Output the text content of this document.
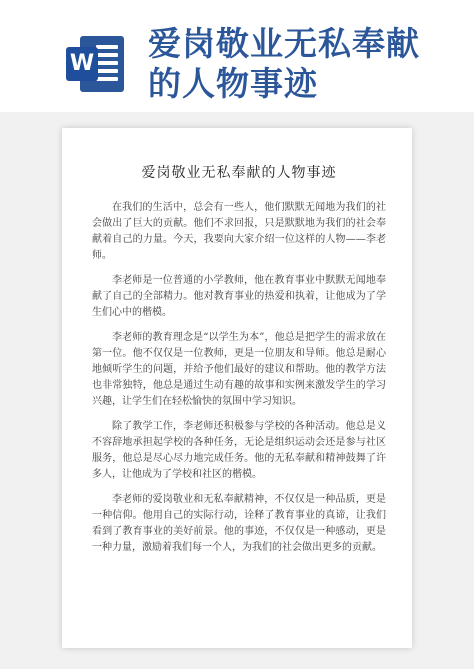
W
爱岗敬业无私奉献
的人物事迹
爱岗敬业无私奉献的人物事迹

在我们的生活中，总会有一些人，他们默默无闻地为我们的社会做出了巨大的贡献。他们不求回报，只是默默地为我们的社会奉献着自己的力量。今天，我要向大家介绍一位这样的人物——李老师。

李老师是一位普通的小学教师，他在教育事业中默默无闻地奉献了自己的全部精力。他对教育事业的热爱和执着，让他成为了学生们心中的楷模。

李老师的教育理念是“以学生为本”，他总是把学生的需求放在第一位。他不仅仅是一位教师，更是一位朋友和导师。他总是耐心地倾听学生的问题，并给予他们最好的建议和帮助。他的教学方法也非常独特，他总是通过生动有趣的故事和实例来激发学生的学习兴趣，让学生们在轻松愉快的氛围中学习知识。

除了教学工作，李老师还积极参与学校的各种活动。他总是义不容辞地承担起学校的各种任务，无论是组织运动会还是参与社区服务，他总是尽心尽力地完成任务。他的无私奉献和精神鼓舞了许多人，让他成为了学校和社区的楷模。

李老师的爱岗敬业和无私奉献精神，不仅仅是一种品质，更是一种信仰。他用自己的实际行动，诠释了教育事业的真谛，让我们看到了教育事业的美好前景。他的事迹，不仅仅是一种感动，更是一种力量，激励着我们每一个人，为我们的社会做出更多的贡献。
